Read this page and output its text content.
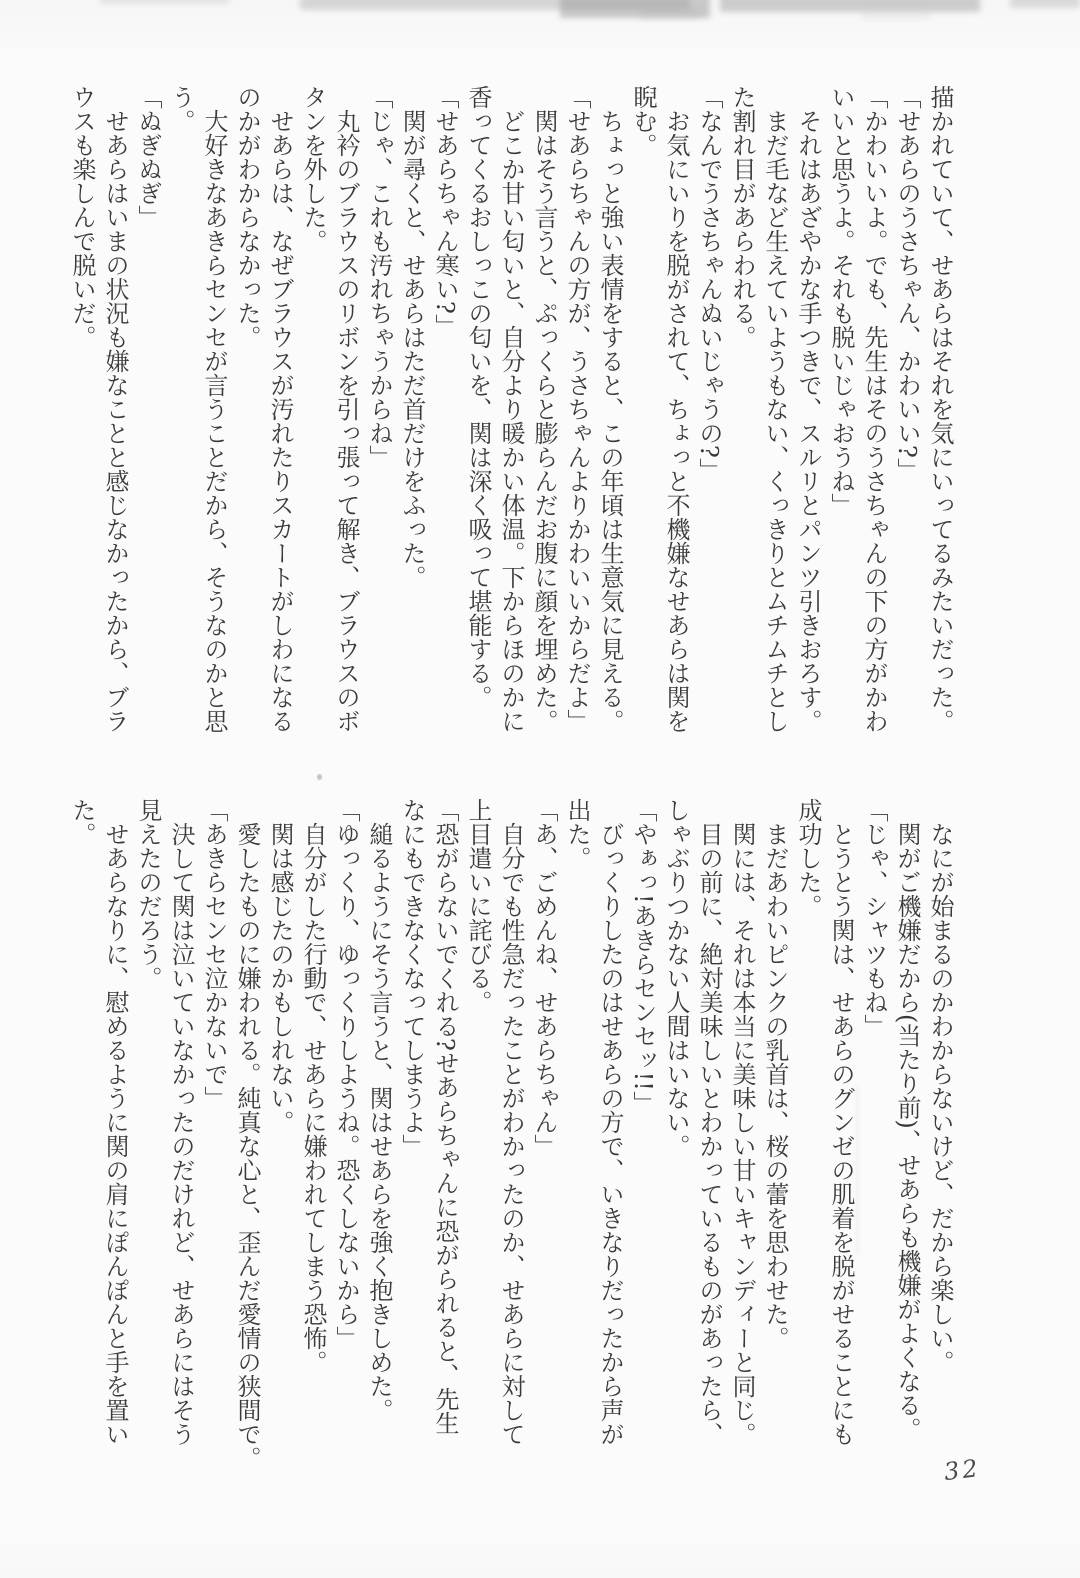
描かれていて、せあらはそれを気にいってるみたいだった。
「せあらのうさちゃん、かわいい?」
「かわいいよ。でも、先生はそのうさちゃんの下の方がかわ
いいと思うよ。それも脱いじゃおうね」
　それはあざやかな手つきで、スルリとパンツ引きおろす。
　まだ毛など生えていようもない、くっきりとムチムチとし
た割れ目があらわれる。
「なんでうさちゃんぬいじゃうの?」
　お気にいりを脱がされて、ちょっと不機嫌なせあらは関を
睨む。
　ちょっと強い表情をすると、この年頃は生意気に見える。
「せあらちゃんの方が、うさちゃんよりかわいいからだよ」
　関はそう言うと、ぷっくらと膨らんだお腹に顔を埋めた。
　どこか甘い匂いと、自分より暖かい体温。下からほのかに
香ってくるおしっこの匂いを、関は深く吸って堪能する。
「せあらちゃん寒い?」
　関が尋くと、せあらはただ首だけをふった。
「じゃ、これも汚れちゃうからね」
　丸衿のブラウスのリボンを引っ張って解き、ブラウスのボ
タンを外した。
　せあらは、なぜブラウスが汚れたりスカートがしわになる
のかがわからなかった。
　大好きなあきらセンセが言うことだから、そうなのかと思
う。
「ぬぎぬぎ」
　せあらはいまの状況も嫌なことと感じなかったから、ブラ
ウスも楽しんで脱いだ。
　なにが始まるのかわからないけど、だから楽しい。
　関がご機嫌だから(当たり前)、せあらも機嫌がよくなる。
「じゃ、シャツもね」
　とうとう関は、せあらのグンゼの肌着を脱がせることにも
成功した。
　まだあわいピンクの乳首は、桜の蕾を思わせた。
　関には、それは本当に美味しい甘いキャンディーと同じ。
　目の前に、絶対美味しいとわかっているものがあったら、
しゃぶりつかない人間はいない。
「やぁっ!あきらセンセッ!!」
　びっくりしたのはせあらの方で、いきなりだったから声が
出た。
「あ、ごめんね、せあらちゃん」
　自分でも性急だったことがわかったのか、せあらに対して
上目遣いに詫びる。
「恐がらないでくれる?せあらちゃんに恐がられると、先生
なにもできなくなってしまうよ」
　縋るようにそう言うと、関はせあらを強く抱きしめた。
「ゆっくり、ゆっくりしようね。恐くしないから」
　自分がした行動で、せあらに嫌われてしまう恐怖。
　関は感じたのかもしれない。
　愛したものに嫌われる。純真な心と、歪んだ愛情の狭間で。
「あきらセンセ泣かないで」
　決して関は泣いていなかったのだけれど、せあらにはそう
見えたのだろう。
　せあらなりに、慰めるように関の肩にぽんぽんと手を置い
た。
32
